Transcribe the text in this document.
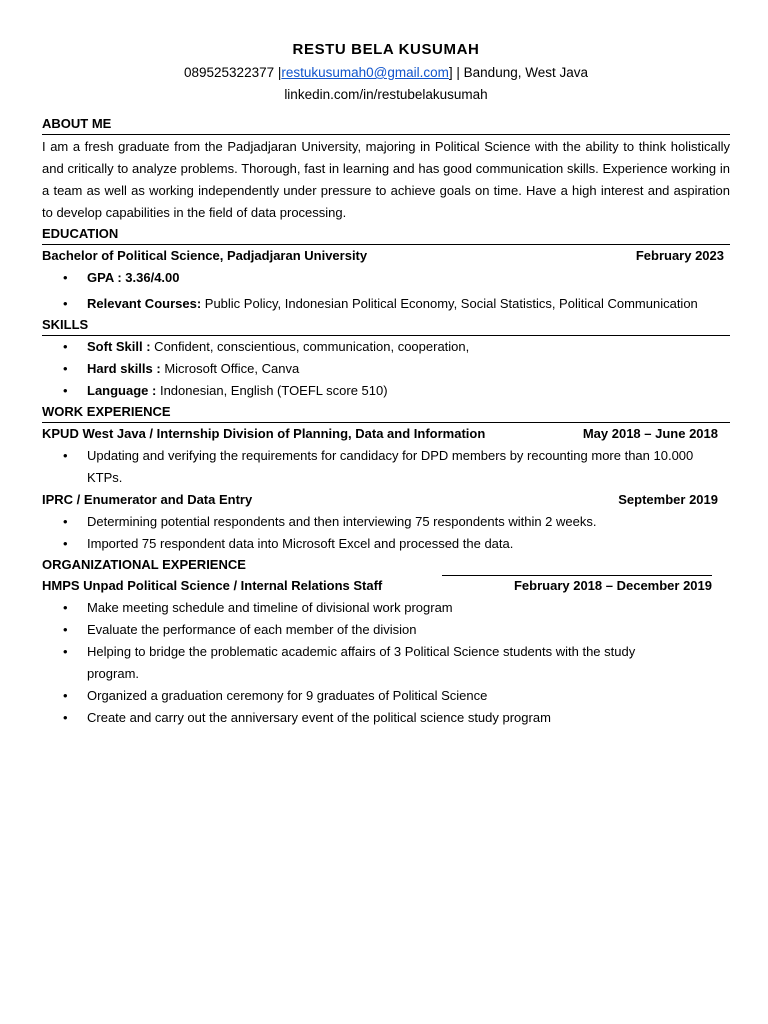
RESTU BELA KUSUMAH

089525322377 |restukusumah0@gmail.com] | Bandung, West Java

linkedin.com/in/restubelakusumah

ABOUT ME

I am a fresh graduate from the Padjadjaran University, majoring in Political Science with the ability to think holistically and critically to analyze problems. Thorough, fast in learning and has good communication skills. Experience working in a team as well as working independently under pressure to achieve goals on time. Have a high interest and aspiration to develop capabilities in the field of data processing.

EDUCATION

Bachelor of Political Science, Padjadjaran University	February 2023
• GPA : 3.36/4.00
• Relevant Courses: Public Policy, Indonesian Political Economy, Social Statistics, Political Communication

SKILLS

• Soft Skill : Confident, conscientious, communication, cooperation,
• Hard skills : Microsoft Office, Canva
• Language : Indonesian, English (TOEFL score 510)

WORK EXPERIENCE

KPUD West Java / Internship Division of Planning, Data and Information	May 2018 – June 2018
• Updating and verifying the requirements for candidacy for DPD members by recounting more than 10.000 KTPs.
IPRC / Enumerator and Data Entry	September 2019
• Determining potential respondents and then interviewing 75 respondents within 2 weeks.
• Imported 75 respondent data into Microsoft Excel and processed the data.

ORGANIZATIONAL EXPERIENCE

HMPS Unpad Political Science / Internal Relations Staff	February 2018 – December 2019
• Make meeting schedule and timeline of divisional work program
• Evaluate the performance of each member of the division
• Helping to bridge the problematic academic affairs of 3 Political Science students with the study program.
• Organized a graduation ceremony for 9 graduates of Political Science
• Create and carry out the anniversary event of the political science study program
